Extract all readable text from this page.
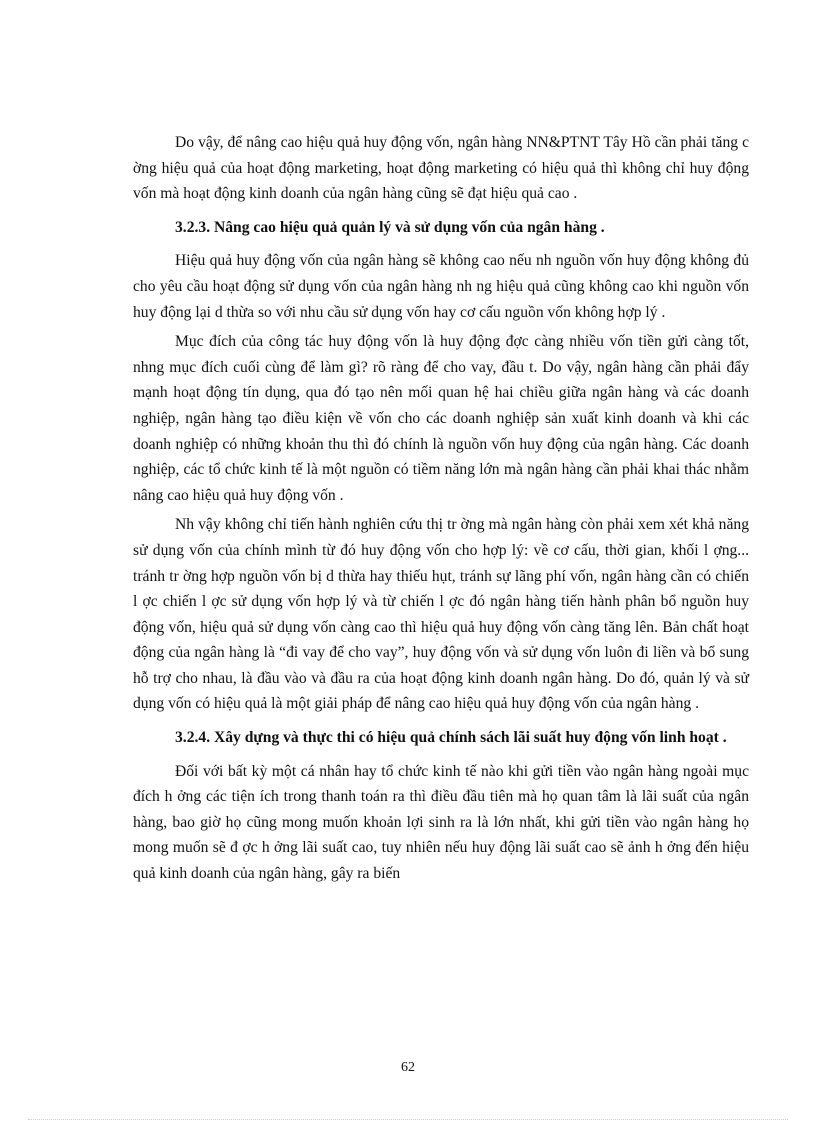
Do vậy, để nâng cao hiệu quả huy động vốn, ngân hàng NN&PTNT Tây Hồ cần phải tăng c ờng hiệu quả của hoạt động marketing, hoạt động marketing có hiệu quả thì không chỉ huy động vốn mà hoạt động kinh doanh của ngân hàng cũng sẽ đạt hiệu quả cao .

3.2.3. Nâng cao hiệu quả quản lý và sử dụng vốn của ngân hàng .

Hiệu quả huy động vốn của ngân hàng sẽ không cao nếu nh nguồn vốn huy động không đủ cho yêu cầu hoạt động sử dụng vốn của ngân hàng nh ng hiệu quả cũng không cao khi nguồn vốn huy động lại d thừa so với nhu cầu sử dụng vốn hay cơ cấu nguồn vốn không hợp lý .

Mục đích của công tác huy động vốn là huy động đợc càng nhiều vốn tiền gửi càng tốt, nhng mục đích cuối cùng để làm gì? rõ ràng để cho vay, đầu t. Do vậy, ngân hàng cần phải đẩy mạnh hoạt động tín dụng, qua đó tạo nên mối quan hệ hai chiều giữa ngân hàng và các doanh nghiệp, ngân hàng tạo điều kiện về vốn cho các doanh nghiệp sản xuất kinh doanh và khi các doanh nghiệp có những khoản thu thì đó chính là nguồn vốn huy động của ngân hàng. Các doanh nghiệp, các tổ chức kinh tế là một nguồn có tiềm năng lớn mà ngân hàng cần phải khai thác nhằm nâng cao hiệu quả huy động vốn .

Nh vậy không chỉ tiến hành nghiên cứu thị tr ờng mà ngân hàng còn phải xem xét khả năng sử dụng vốn của chính mình từ đó huy động vốn cho hợp lý: về cơ cấu, thời gian, khối l ợng... tránh tr ờng hợp nguồn vốn bị d thừa hay thiếu hụt, tránh sự lãng phí vốn, ngân hàng cần có chiến l ợc chiến l ợc sử dụng vốn hợp lý và từ chiến l ợc đó ngân hàng tiến hành phân bổ nguồn huy động vốn, hiệu quả sử dụng vốn càng cao thì hiệu quả huy động vốn càng tăng lên. Bản chất hoạt động của ngân hàng là “đi vay để cho vay”, huy động vốn và sử dụng vốn luôn đi liền và bổ sung hỗ trợ cho nhau, là đầu vào và đầu ra của hoạt động kinh doanh ngân hàng. Do đó, quản lý và sử dụng vốn có hiệu quả là một giải pháp để nâng cao hiệu quả huy động vốn của ngân hàng .

3.2.4. Xây dựng và thực thi có hiệu quả chính sách lãi suất huy động vốn linh hoạt .

Đối với bất kỳ một cá nhân hay tổ chức kinh tế nào khi gửi tiền vào ngân hàng ngoài mục đích h ởng các tiện ích trong thanh toán ra thì điều đầu tiên mà họ quan tâm là lãi suất của ngân hàng, bao giờ họ cũng mong muốn khoản lợi sinh ra là lớn nhất, khi gửi tiền vào ngân hàng họ mong muốn sẽ đ ợc h ởng lãi suất cao, tuy nhiên nếu huy động lãi suất cao sẽ ảnh h ởng đến hiệu quả kinh doanh của ngân hàng, gây ra biến

62
